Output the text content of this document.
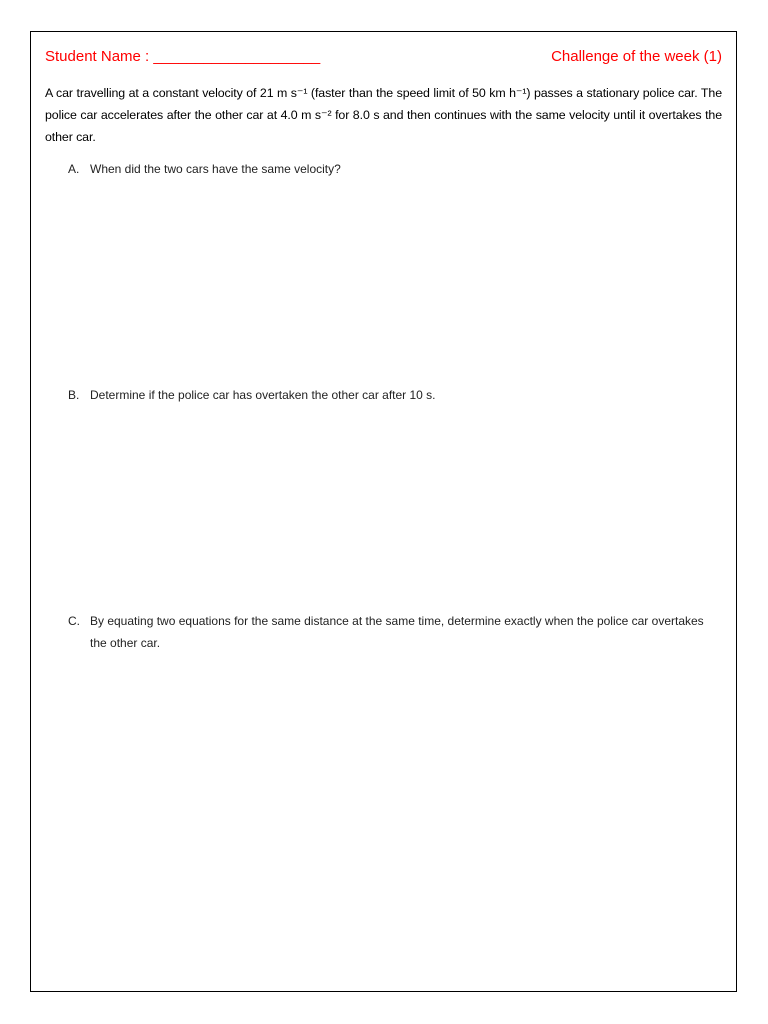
Student Name : ____________________	Challenge of the week (1)
A car travelling at a constant velocity of 21 m s⁻¹ (faster than the speed limit of 50 km h⁻¹) passes a stationary police car. The police car accelerates after the other car at 4.0 m s⁻² for 8.0 s and then continues with the same velocity until it overtakes the other car.
A. When did the two cars have the same velocity?
B. Determine if the police car has overtaken the other car after 10 s.
C. By equating two equations for the same distance at the same time, determine exactly when the police car overtakes the other car.
